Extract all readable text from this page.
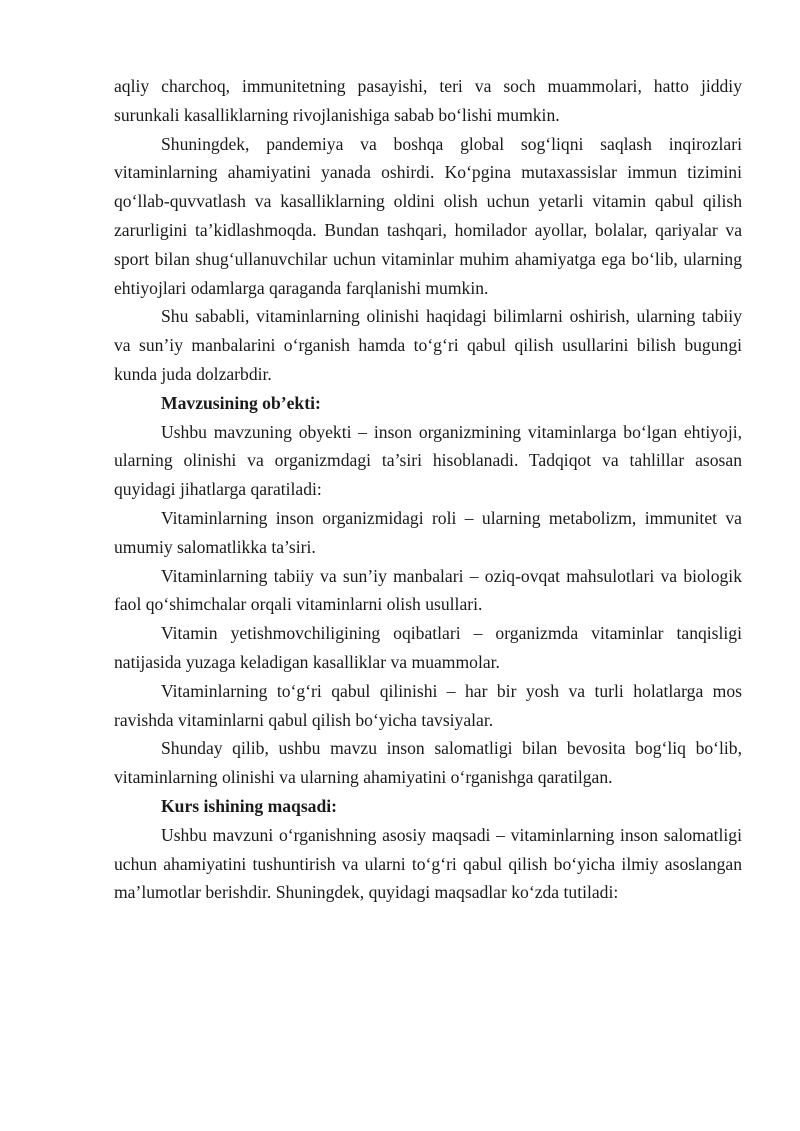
aqliy charchoq, immunitetning pasayishi, teri va soch muammolari, hatto jiddiy surunkali kasalliklarning rivojlanishiga sabab bo‘lishi mumkin.

Shuningdek, pandemiya va boshqa global sog‘liqni saqlash inqirozlari vitaminlarning ahamiyatini yanada oshirdi. Ko‘pgina mutaxassislar immun tizimini qo‘llab-quvvatlash va kasalliklarning oldini olish uchun yetarli vitamin qabul qilish zarurligini ta’kidlashmoqda. Bundan tashqari, homilador ayollar, bolalar, qariyalar va sport bilan shug‘ullanuvchilar uchun vitaminlar muhim ahamiyatga ega bo‘lib, ularning ehtiyojlari odamlarga qaraganda farqlanishi mumkin.

Shu sababli, vitaminlarning olinishi haqidagi bilimlarni oshirish, ularning tabiiy va sun’iy manbalarini o‘rganish hamda to‘g‘ri qabul qilish usullarini bilish bugungi kunda juda dolzarbdir.

Mavzusining ob’ekti:

Ushbu mavzuning obyekti – inson organizmining vitaminlarga bo‘lgan ehtiyoji, ularning olinishi va organizmdagi ta’siri hisoblanadi. Tadqiqot va tahlillar asosan quyidagi jihatlarga qaratiladi:

Vitaminlarning inson organizmidagi roli – ularning metabolizm, immunitet va umumiy salomatlikka ta’siri.

Vitaminlarning tabiiy va sun’iy manbalari – oziq-ovqat mahsulotlari va biologik faol qo‘shimchalar orqali vitaminlarni olish usullari.

Vitamin yetishmovchiligining oqibatlari – organizmda vitaminlar tanqisligi natijasida yuzaga keladigan kasalliklar va muammolar.

Vitaminlarning to‘g‘ri qabul qilinishi – har bir yosh va turli holatlarga mos ravishda vitaminlarni qabul qilish bo‘yicha tavsiyalar.

Shunday qilib, ushbu mavzu inson salomatligi bilan bevosita bog‘liq bo‘lib, vitaminlarning olinishi va ularning ahamiyatini o‘rganishga qaratilgan.

Kurs ishining maqsadi:

Ushbu mavzuni o‘rganishning asosiy maqsadi – vitaminlarning inson salomatligi uchun ahamiyatini tushuntirish va ularni to‘g‘ri qabul qilish bo‘yicha ilmiy asoslangan ma’lumotlar berishdir. Shuningdek, quyidagi maqsadlar ko‘zda tutiladi:
